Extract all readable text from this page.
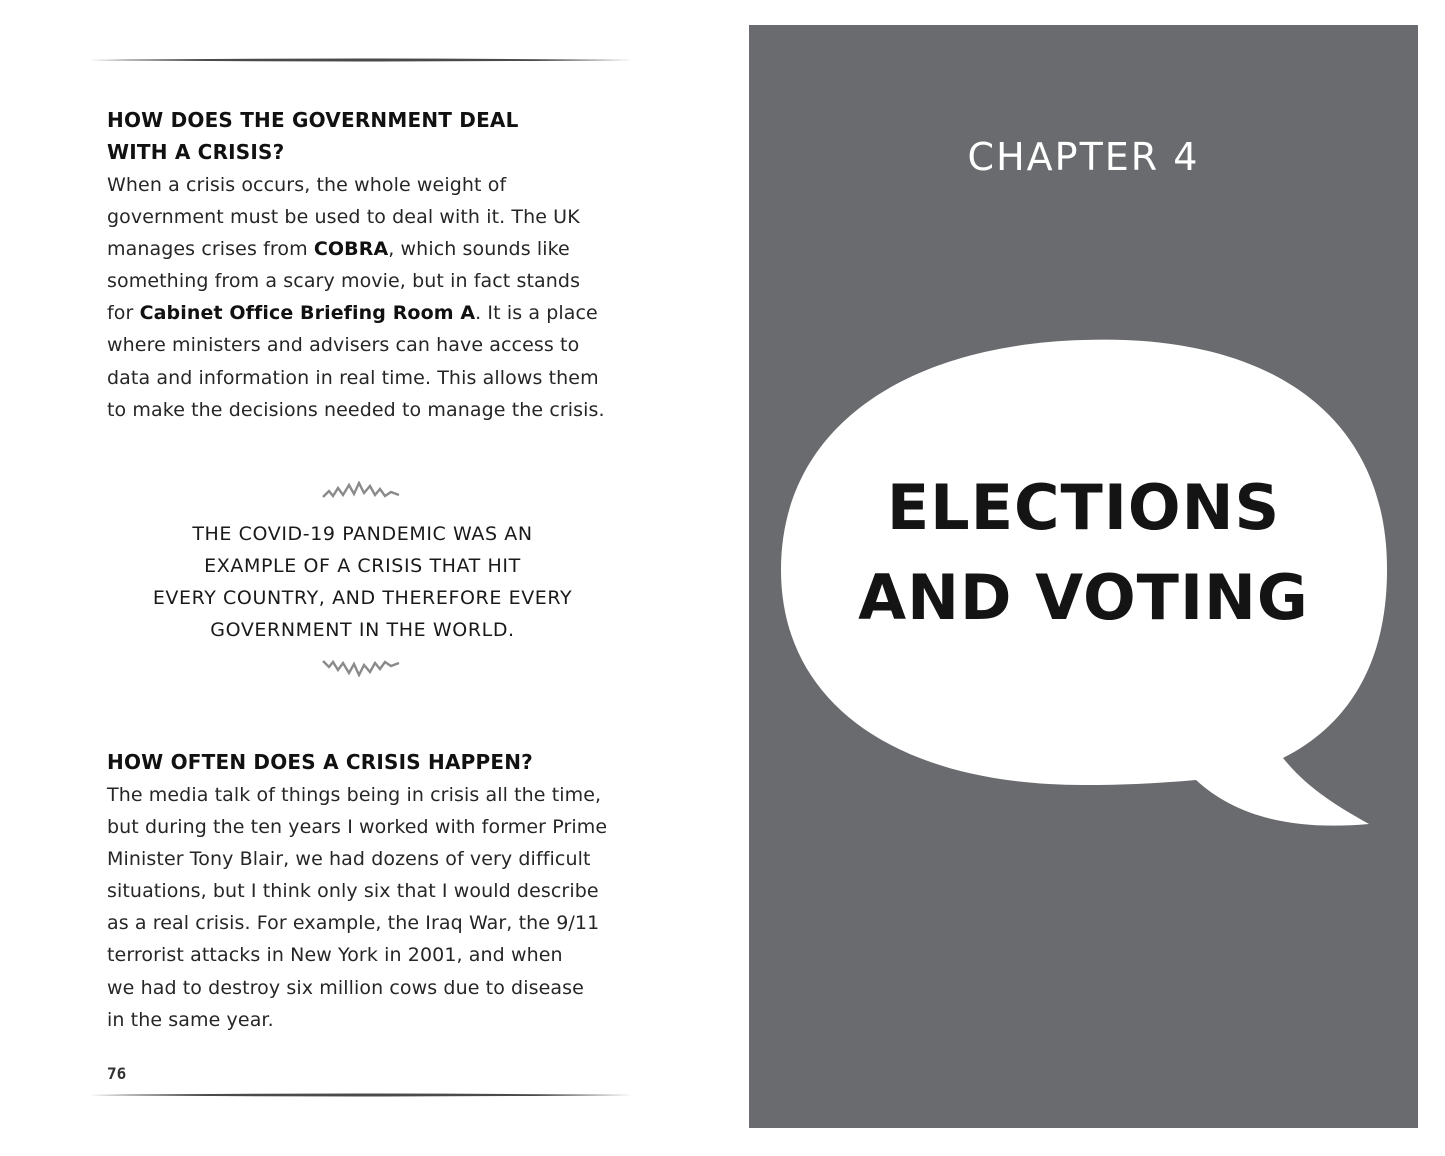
HOW DOES THE GOVERNMENT DEAL
WITH A CRISIS?

When a crisis occurs, the whole weight of
government must be used to deal with it. The UK
manages crises from COBRA, which sounds like
something from a scary movie, but in fact stands
for Cabinet Office Briefing Room A. It is a place
where ministers and advisers can have access to
data and information in real time. This allows them
to make the decisions needed to manage the crisis.

THE COVID-19 PANDEMIC WAS AN
EXAMPLE OF A CRISIS THAT HIT
EVERY COUNTRY, AND THEREFORE EVERY
GOVERNMENT IN THE WORLD.

HOW OFTEN DOES A CRISIS HAPPEN?

The media talk of things being in crisis all the time,
but during the ten years I worked with former Prime
Minister Tony Blair, we had dozens of very difficult
situations, but I think only six that I would describe
as a real crisis. For example, the Iraq War, the 9/11
terrorist attacks in New York in 2001, and when
we had to destroy six million cows due to disease
in the same year.

76
CHAPTER 4
ELECTIONS
AND VOTING
